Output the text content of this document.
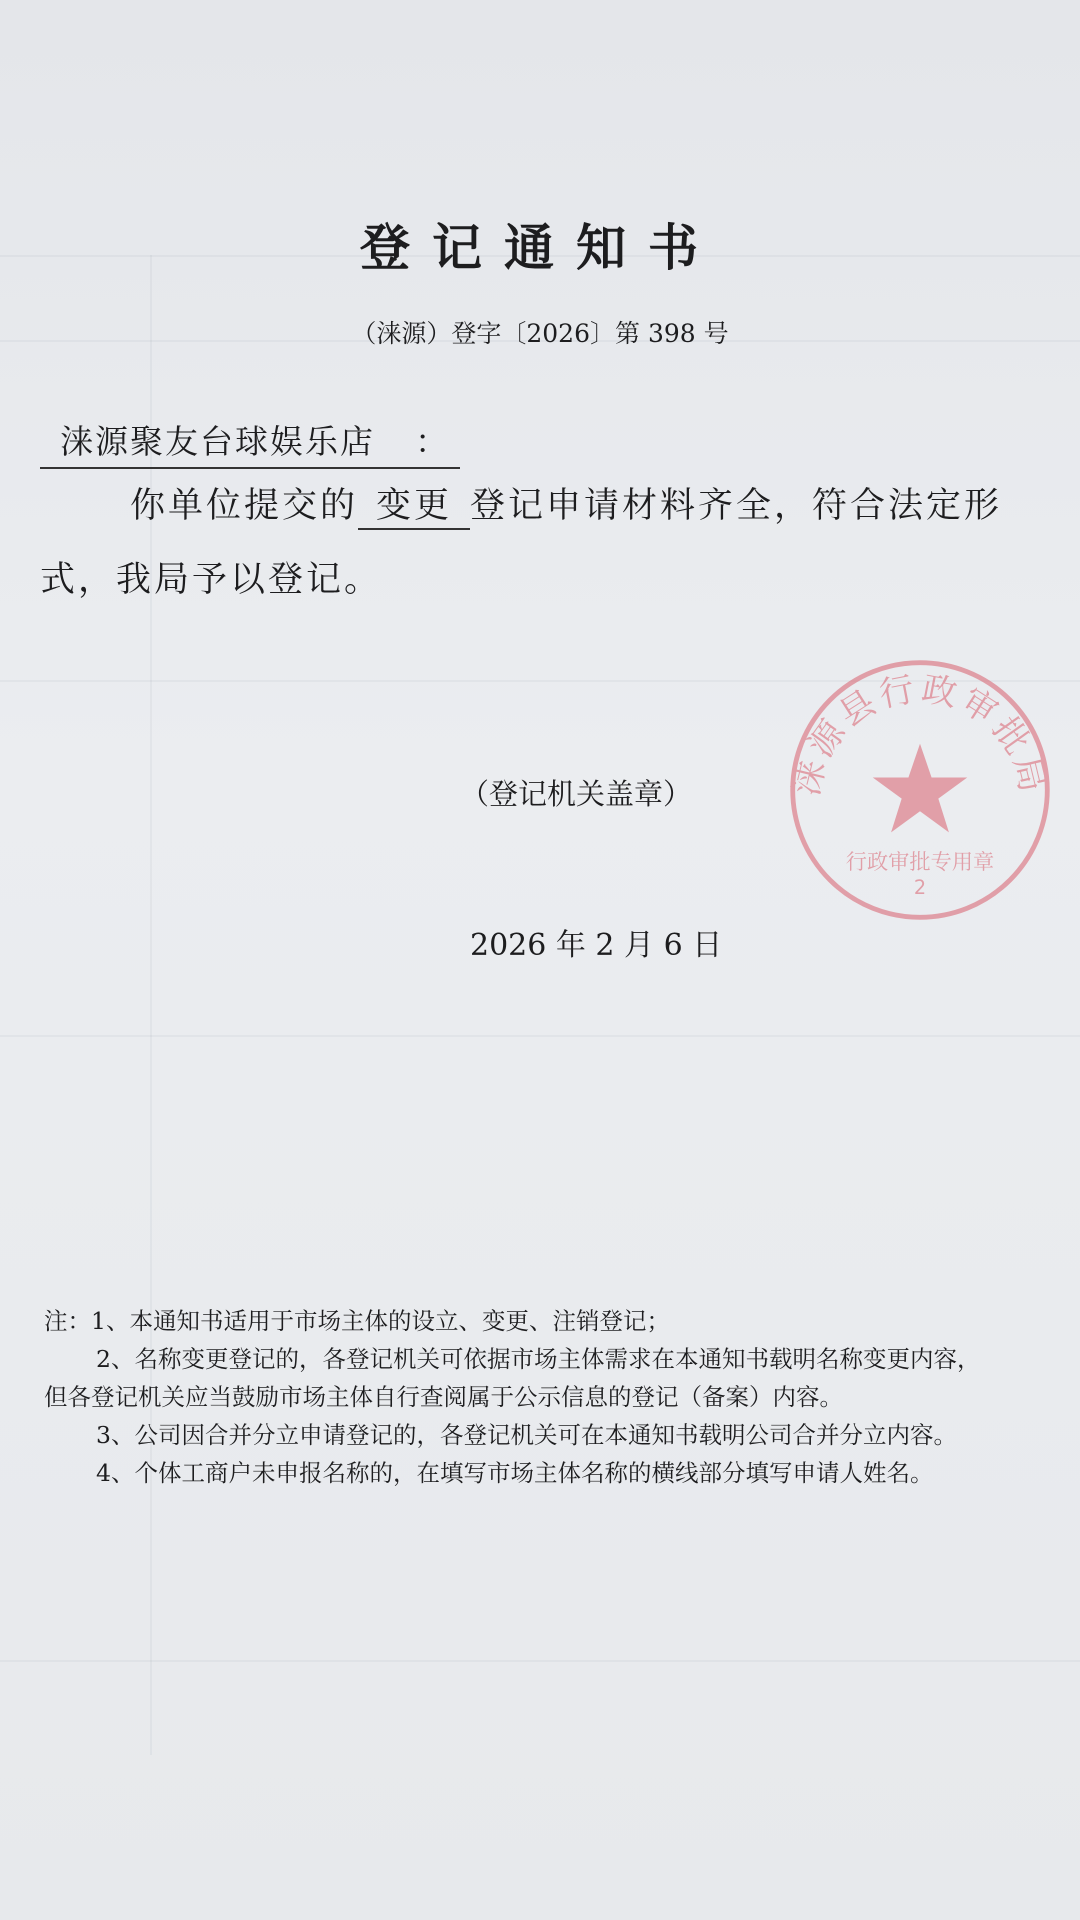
登记通知书
（涞源）登字〔2026〕第 398 号
涞源聚友台球娱乐店 ：
你单位提交的 变更 登记申请材料齐全，符合法定形
式，我局予以登记。
（登记机关盖章）
2026 年 2 月 6 日
涞源县行政审批局
行政审批专用章
2
注：1、本通知书适用于市场主体的设立、变更、注销登记；
2、名称变更登记的，各登记机关可依据市场主体需求在本通知书载明名称变更内容，
但各登记机关应当鼓励市场主体自行查阅属于公示信息的登记（备案）内容。
3、公司因合并分立申请登记的，各登记机关可在本通知书载明公司合并分立内容。
4、个体工商户未申报名称的，在填写市场主体名称的横线部分填写申请人姓名。
